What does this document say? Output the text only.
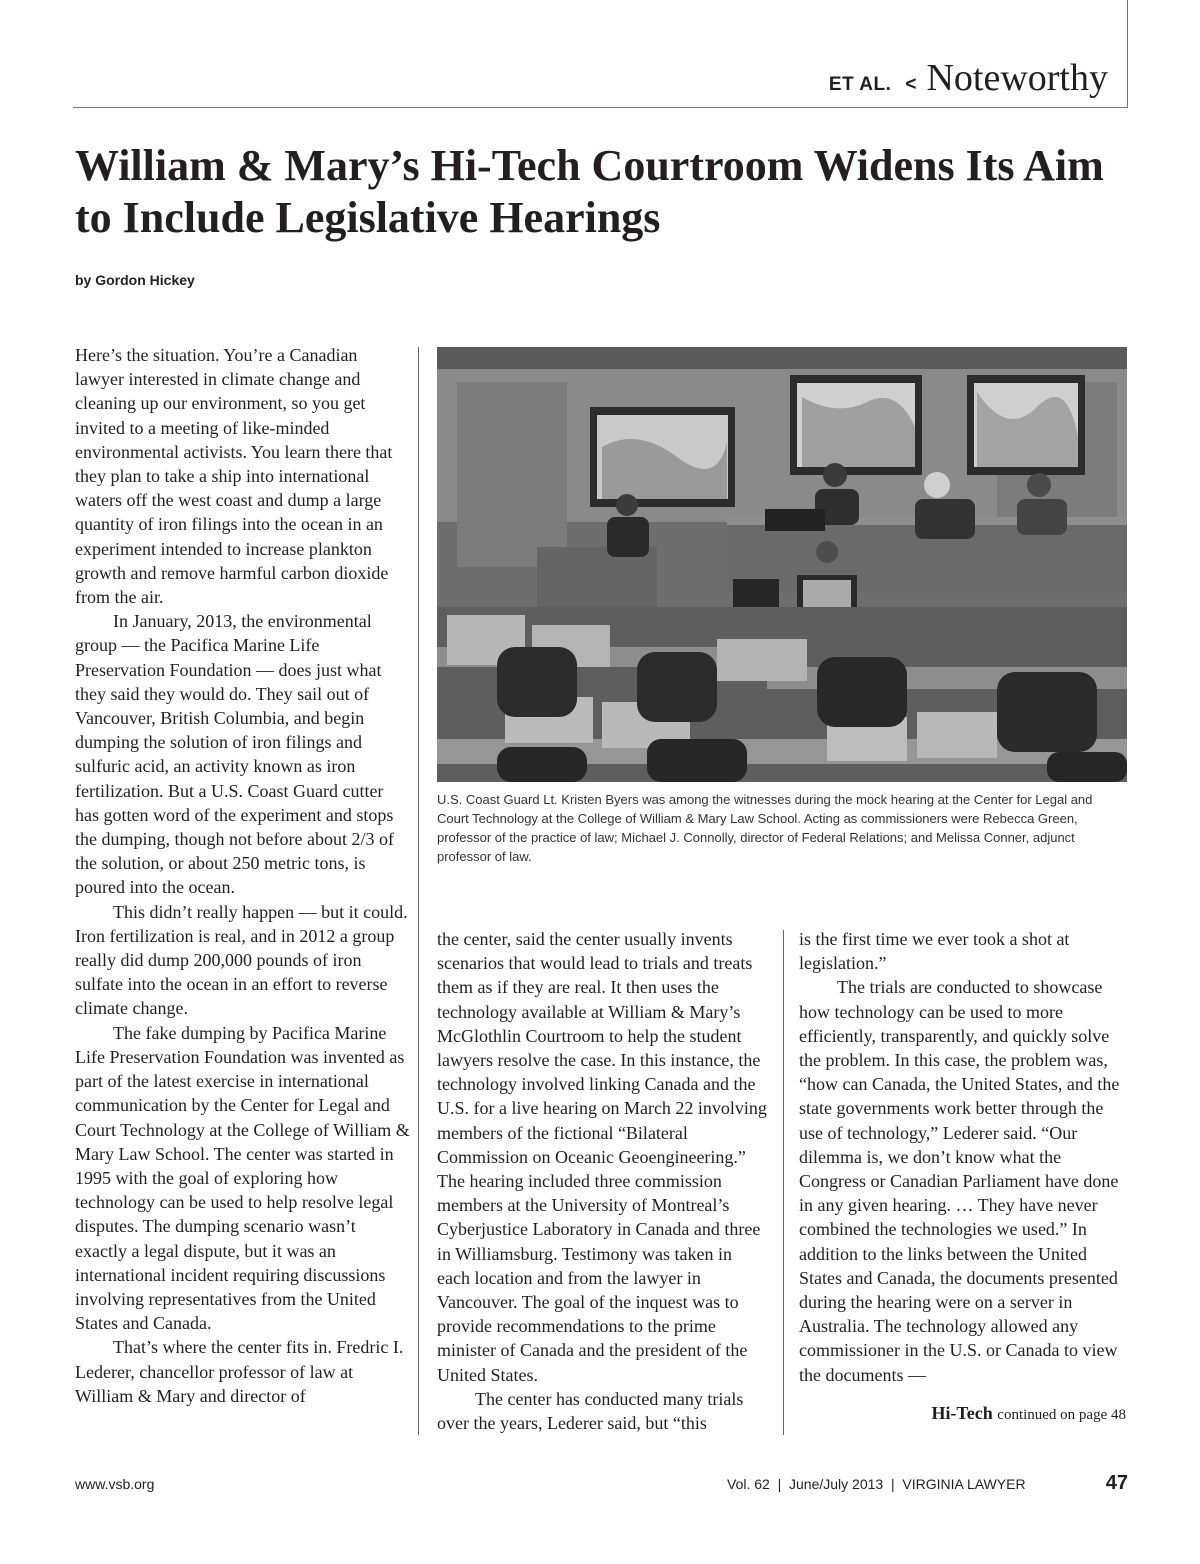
ET AL. < Noteworthy
William & Mary’s Hi-Tech Courtroom Widens Its Aim to Include Legislative Hearings
by Gordon Hickey

Here’s the situation. You’re a Canadian lawyer interested in climate change and cleaning up our environment, so you get invited to a meeting of like-minded environmental activists. You learn there that they plan to take a ship into international waters off the west coast and dump a large quantity of iron filings into the ocean in an experiment intended to increase plankton growth and remove harmful carbon dioxide from the air.

In January, 2013, the environmental group — the Pacifica Marine Life Preservation Foundation — does just what they said they would do. They sail out of Vancouver, British Columbia, and begin dumping the solution of iron filings and sulfuric acid, an activity known as iron fertilization. But a U.S. Coast Guard cutter has gotten word of the experiment and stops the dumping, though not before about 2/3 of the solution, or about 250 metric tons, is poured into the ocean.

This didn’t really happen — but it could. Iron fertilization is real, and in 2012 a group really did dump 200,000 pounds of iron sulfate into the ocean in an effort to reverse climate change.

The fake dumping by Pacifica Marine Life Preservation Foundation was invented as part of the latest exercise in international communication by the Center for Legal and Court Technology at the College of William & Mary Law School. The center was started in 1995 with the goal of exploring how technology can be used to help resolve legal disputes. The dumping scenario wasn’t exactly a legal dispute, but it was an international incident requiring discussions involving representatives from the United States and Canada.

That’s where the center fits in. Fredric I. Lederer, chancellor professor of law at William & Mary and director of

U.S. Coast Guard Lt. Kristen Byers was among the witnesses during the mock hearing at the Center for Legal and Court Technology at the College of William & Mary Law School. Acting as commissioners were Rebecca Green, professor of the practice of law; Michael J. Connolly, director of Federal Relations; and Melissa Conner, adjunct professor of law.

the center, said the center usually invents scenarios that would lead to trials and treats them as if they are real. It then uses the technology available at William & Mary’s McGlothlin Courtroom to help the student lawyers resolve the case. In this instance, the technology involved linking Canada and the U.S. for a live hearing on March 22 involving members of the fictional “Bilateral Commission on Oceanic Geoengineering.” The hearing included three commission members at the University of Montreal’s Cyberjustice Laboratory in Canada and three in Williamsburg. Testimony was taken in each location and from the lawyer in Vancouver. The goal of the inquest was to provide recommendations to the prime minister of Canada and the president of the United States.

The center has conducted many trials over the years, Lederer said, but “this

is the first time we ever took a shot at legislation.”

The trials are conducted to showcase how technology can be used to more efficiently, transparently, and quickly solve the problem. In this case, the problem was, “how can Canada, the United States, and the state governments work better through the use of technology,” Lederer said. “Our dilemma is, we don’t know what the Congress or Canadian Parliament have done in any given hearing. … They have never combined the technologies we used.” In addition to the links between the United States and Canada, the documents presented during the hearing were on a server in Australia. The technology allowed any commissioner in the U.S. or Canada to view the documents —

Hi-Tech continued on page 48
www.vsb.org	Vol. 62  |  June/July 2013  |  VIRGINIA LAWYER	47
